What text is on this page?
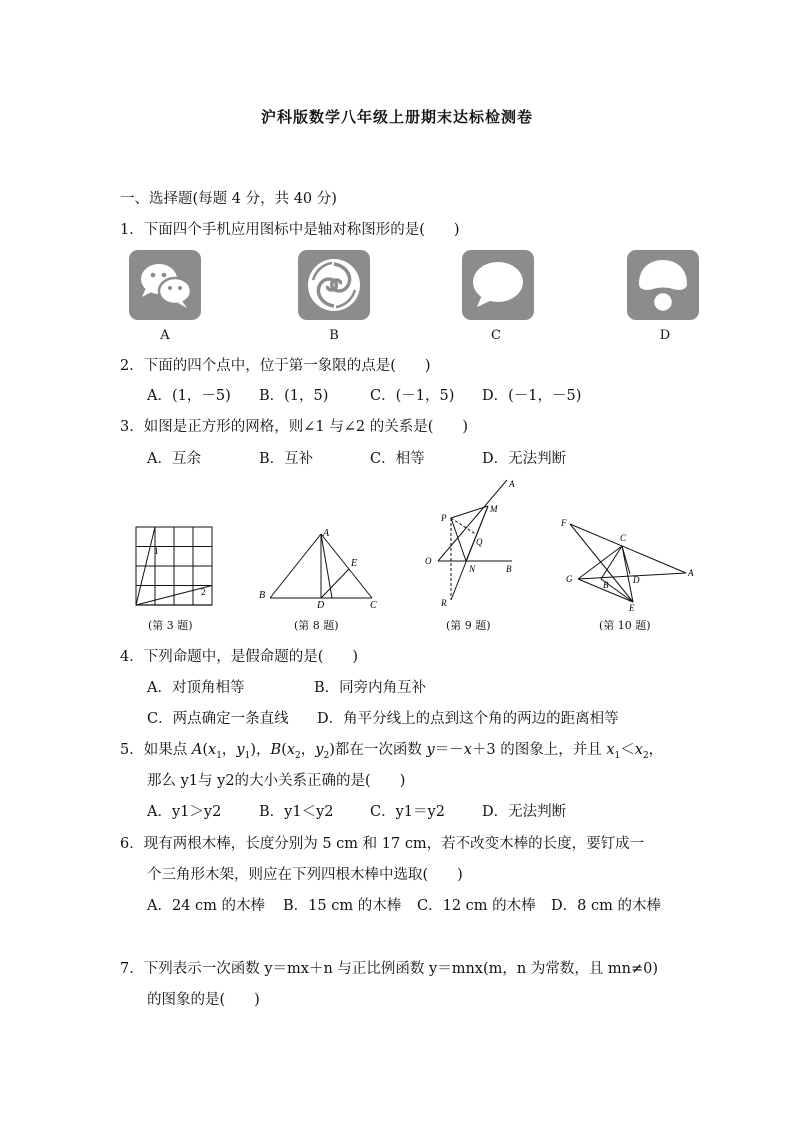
沪科版数学八年级上册期末达标检测卷
一、选择题(每题 4 分，共 40 分)
1．下面四个手机应用图标中是轴对称图形的是(　　)
A	B	C	D
2．下面的四个点中，位于第一象限的点是(　　)
A．(1，－5) B．(1，5)	C．(－1，5) D．(－1，－5)
3．如图是正方形的网格，则∠1 与∠2 的关系是(　　)
A．互余	B．互补	C．相等	D．无法判断
1
2
A
E
B
D	C
A
P
M
Q
O
N	B
R
F
C
G
B	D
A
E
(第 3 题)	(第 8 题)	(第 9 题)	(第 10 题)
4．下列命题中，是假命题的是(　　)
A．对顶角相等	B．同旁内角互补
C．两点确定一条直线 D．角平分线上的点到这个角的两边的距离相等
5．如果点 $A(x_1$，$y_1$)，$B(x_2$，$y_2$)都在一次函数 y＝－x＋3 的图象上，并且 $x_1<x_2$，
那么 y1与 y2的大小关系正确的是(　　)
A．y1＞y2	B．y1＜y2	C．y1＝y2	D．无法判断
6．现有两根木棒，长度分别为 5 cm 和 17 cm，若不改变木棒的长度，要钉成一
个三角形木架，则应在下列四根木棒中选取(　　)
A．24 cm 的木棒 B．15 cm 的木棒 C．12 cm 的木棒 D．8 cm 的木棒
7．下列表示一次函数 y＝mx＋n 与正比例函数 y＝mnx(m，n 为常数，且 mn≠0)
的图象的是(　　)
